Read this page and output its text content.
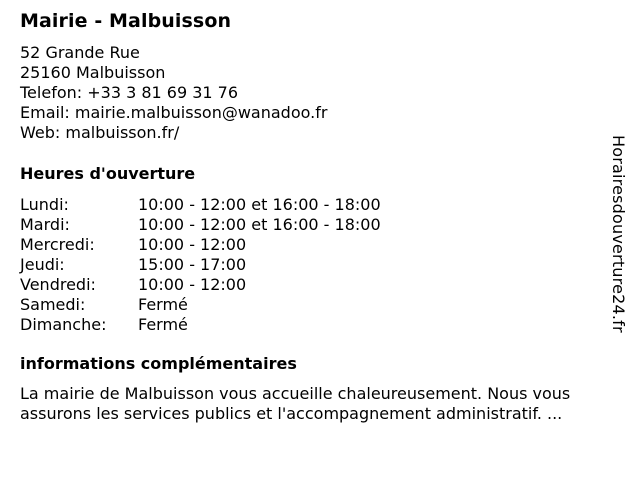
Mairie - Malbuisson
52 Grande Rue
25160 Malbuisson
Telefon: +33 3 81 69 31 76
Email: mairie.malbuisson@wanadoo.fr
Web: malbuisson.fr/
Heures d'ouverture
Lundi:	10:00 - 12:00 et 16:00 - 18:00
Mardi:	10:00 - 12:00 et 16:00 - 18:00
Mercredi:	10:00 - 12:00
Jeudi:	15:00 - 17:00
Vendredi:	10:00 - 12:00
Samedi:	Fermé
Dimanche:	Fermé
informations complémentaires
La mairie de Malbuisson vous accueille chaleureusement. Nous vous assurons les services publics et l'accompagnement administratif. ...
Horairesdouverture24.fr
